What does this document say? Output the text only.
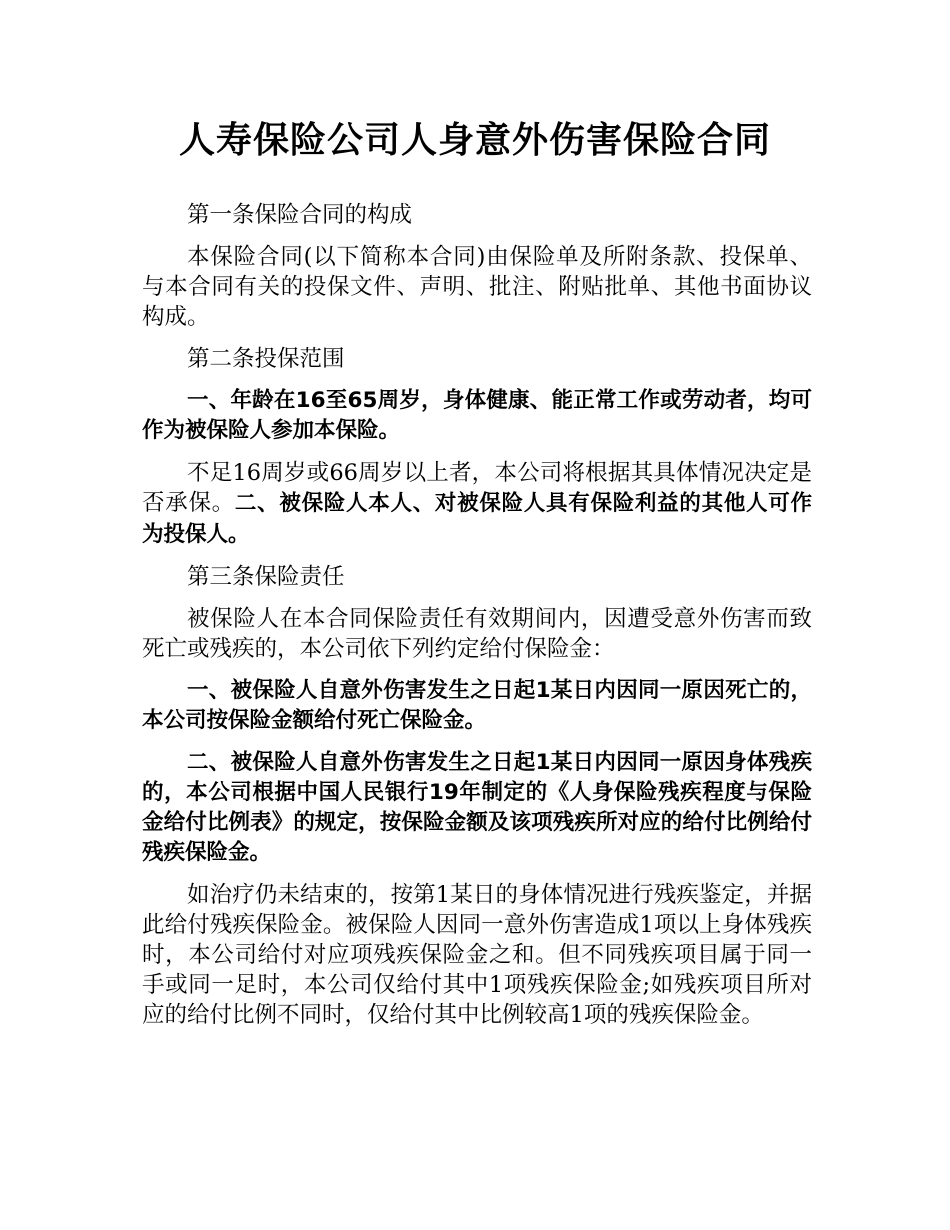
人寿保险公司人身意外伤害保险合同

第一条保险合同的构成

本保险合同(以下简称本合同)由保险单及所附条款、投保单、与本合同有关的投保文件、声明、批注、附贴批单、其他书面协议构成。

第二条投保范围

一、年龄在16至65周岁，身体健康、能正常工作或劳动者，均可作为被保险人参加本保险。

不足16周岁或66周岁以上者，本公司将根据其具体情况决定是否承保。二、被保险人本人、对被保险人具有保险利益的其他人可作为投保人。

第三条保险责任

被保险人在本合同保险责任有效期间内，因遭受意外伤害而致死亡或残疾的，本公司依下列约定给付保险金：

一、被保险人自意外伤害发生之日起1某日内因同一原因死亡的，本公司按保险金额给付死亡保险金。

二、被保险人自意外伤害发生之日起1某日内因同一原因身体残疾的，本公司根据中国人民银行19年制定的《人身保险残疾程度与保险金给付比例表》的规定，按保险金额及该项残疾所对应的给付比例给付残疾保险金。

如治疗仍未结束的，按第1某日的身体情况进行残疾鉴定，并据此给付残疾保险金。被保险人因同一意外伤害造成1项以上身体残疾时，本公司给付对应项残疾保险金之和。但不同残疾项目属于同一手或同一足时，本公司仅给付其中1项残疾保险金;如残疾项目所对应的给付比例不同时，仅给付其中比例较高1项的残疾保险金。
